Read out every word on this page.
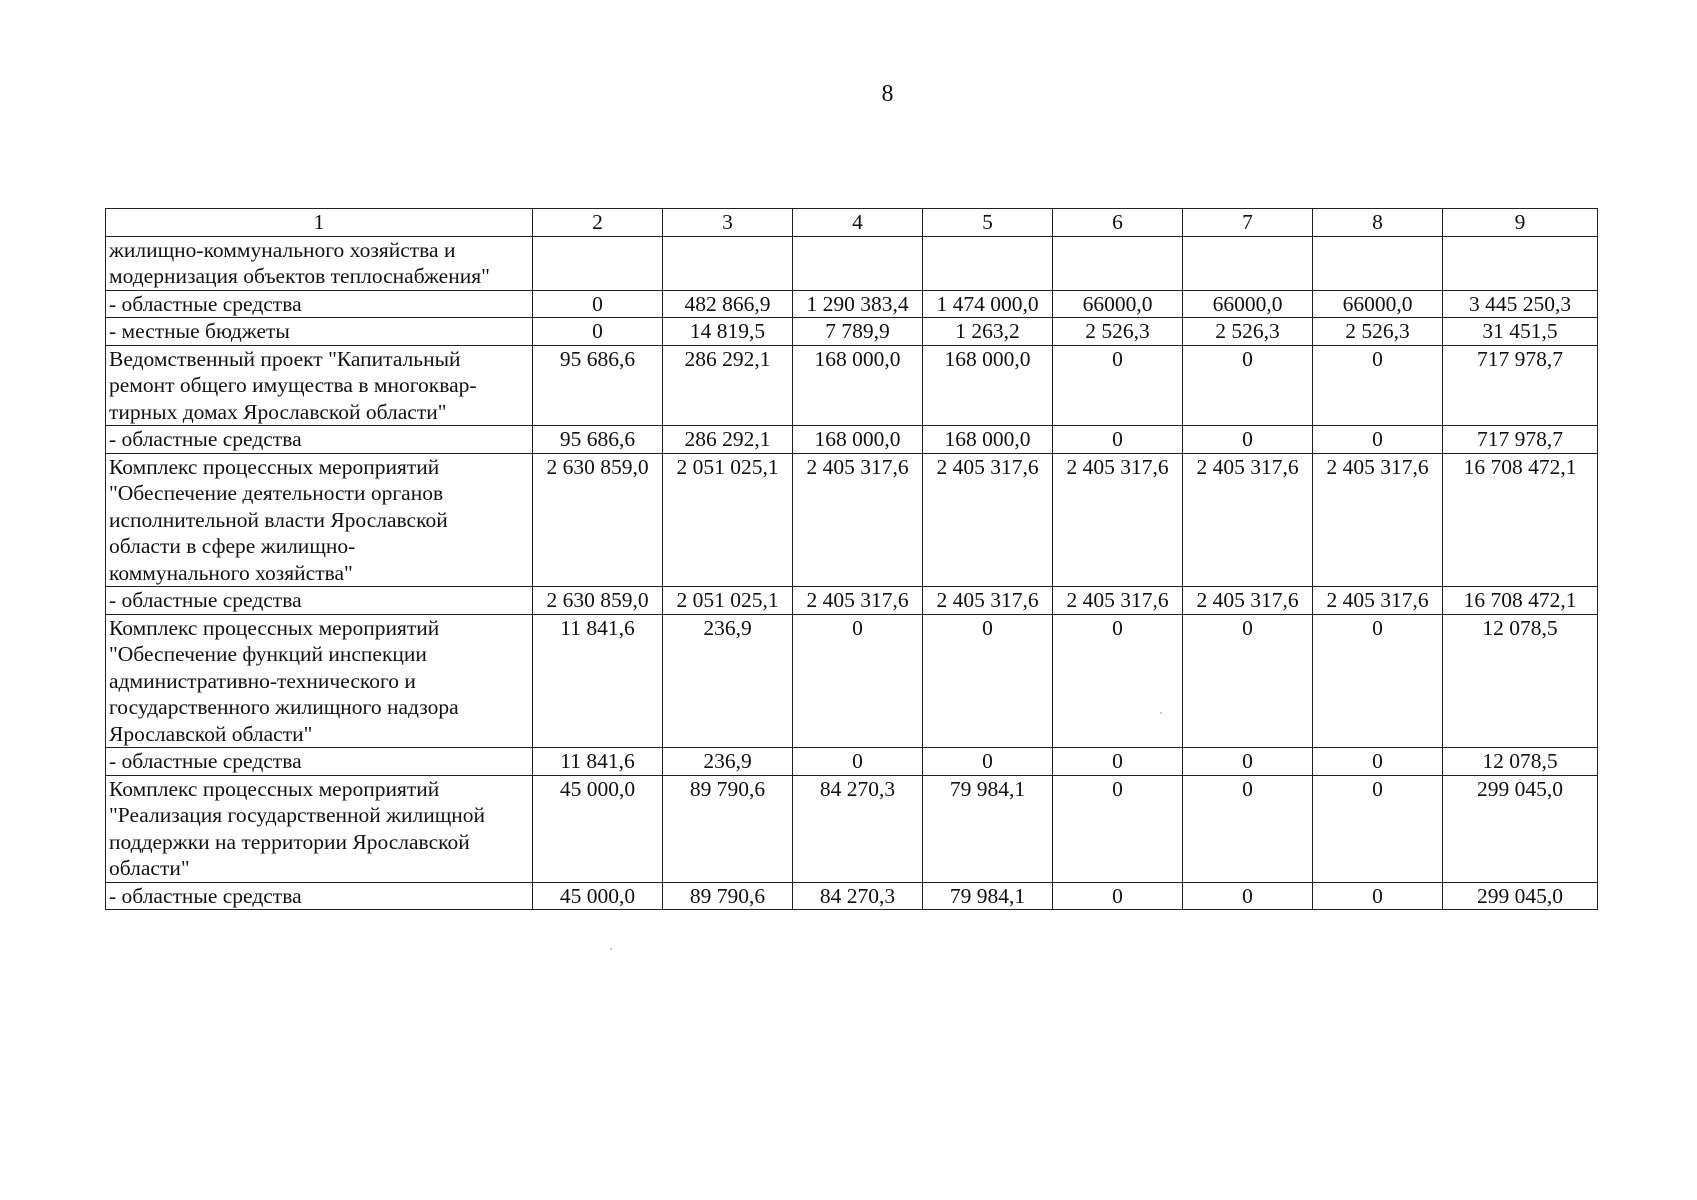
8
1	2	3	4	5	6	7	8	9

жилищно-коммунального хозяйства и
модернизация объектов теплоснабжения"								

- областные средства	0	482 866,9	1 290 383,4	1 474 000,0	66000,0	66000,0	66000,0	3 445 250,3

- местные бюджеты	0	14 819,5	7 789,9	1 263,2	2 526,3	2 526,3	2 526,3	31 451,5

Ведомственный проект "Капитальный
ремонт общего имущества в многоквар-
тирных домах Ярославской области"	95 686,6	286 292,1	168 000,0	168 000,0	0	0	0	717 978,7

- областные средства	95 686,6	286 292,1	168 000,0	168 000,0	0	0	0	717 978,7

Комплекс процессных мероприятий
"Обеспечение деятельности органов
исполнительной власти Ярославской
области в сфере жилищно-
коммунального хозяйства"	2 630 859,0	2 051 025,1	2 405 317,6	2 405 317,6	2 405 317,6	2 405 317,6	2 405 317,6	16 708 472,1

- областные средства	2 630 859,0	2 051 025,1	2 405 317,6	2 405 317,6	2 405 317,6	2 405 317,6	2 405 317,6	16 708 472,1

Комплекс процессных мероприятий
"Обеспечение функций инспекции
административно-технического и
государственного жилищного надзора
Ярославской области"	11 841,6	236,9	0	0	0	0	0	12 078,5

- областные средства	11 841,6	236,9	0	0	0	0	0	12 078,5

Комплекс процессных мероприятий
"Реализация государственной жилищной
поддержки на территории Ярославской
области"	45 000,0	89 790,6	84 270,3	79 984,1	0	0	0	299 045,0

- областные средства	45 000,0	89 790,6	84 270,3	79 984,1	0	0	0	299 045,0
